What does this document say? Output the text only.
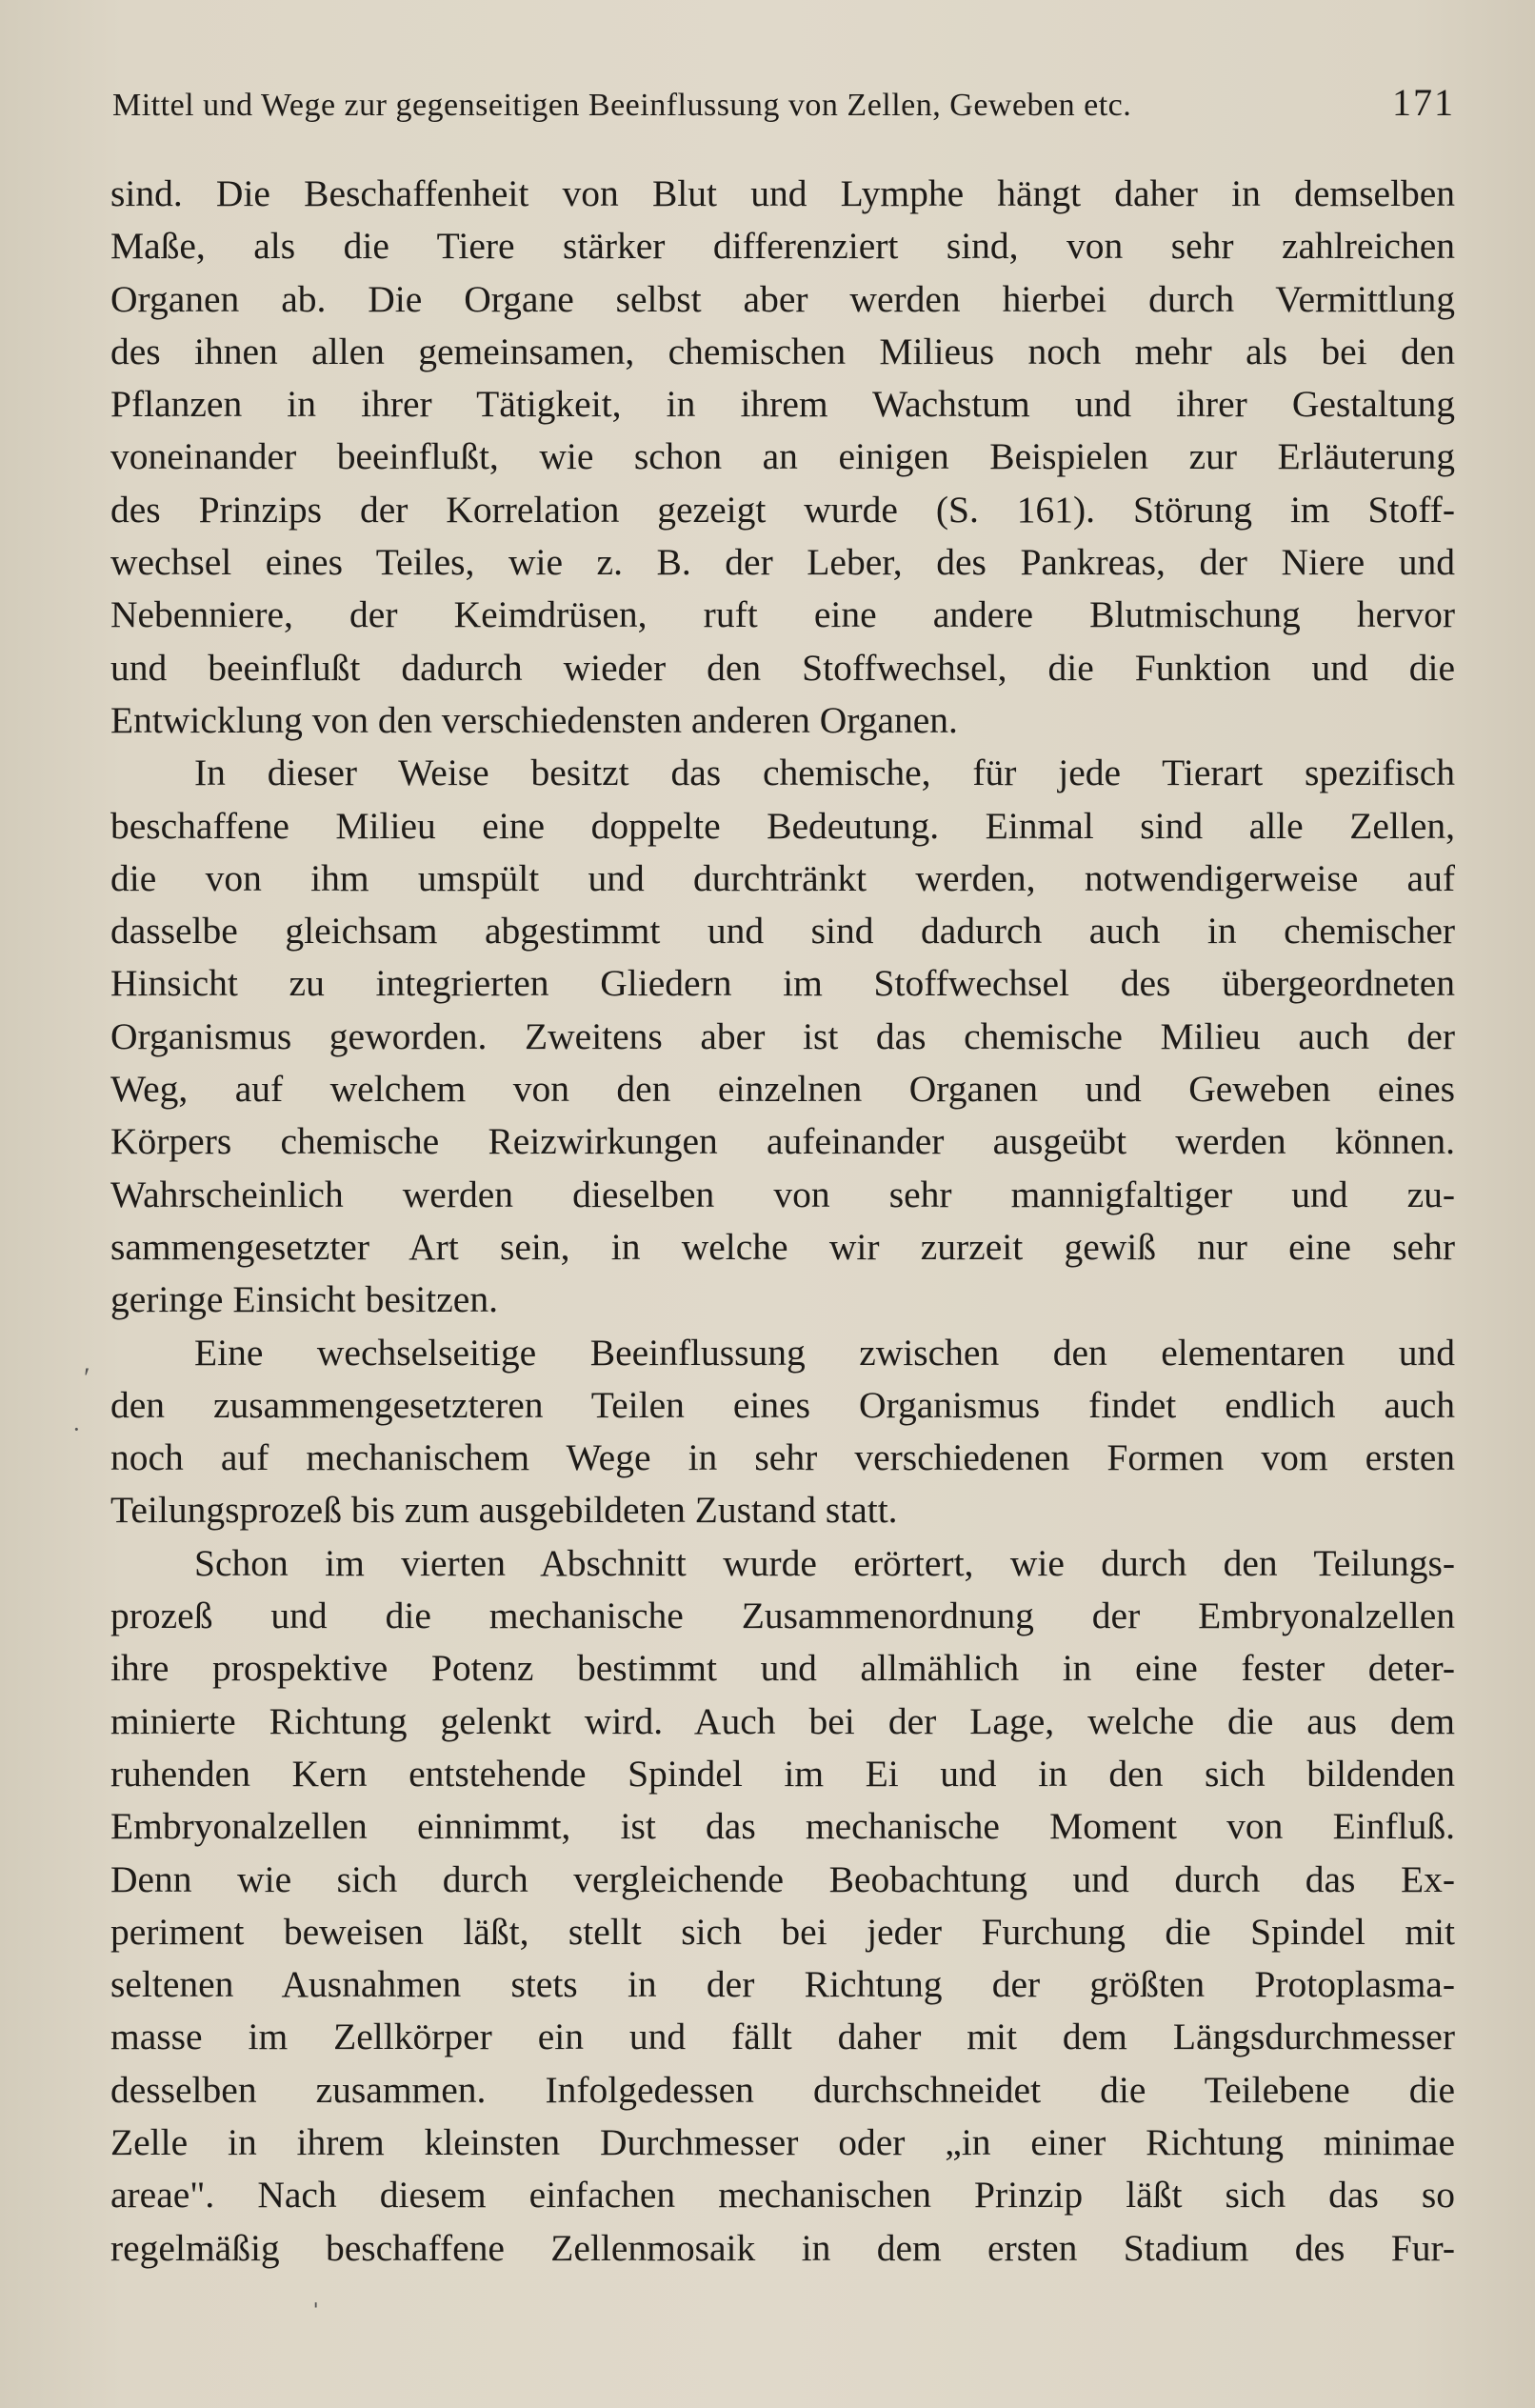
Mittel und Wege zur gegenseitigen Beeinflussung von Zellen, Geweben etc.	171
sind. Die Beschaffenheit von Blut und Lymphe hängt daher in demselben
Maße, als die Tiere stärker differenziert sind, von sehr zahlreichen
Organen ab. Die Organe selbst aber werden hierbei durch Vermittlung
des ihnen allen gemeinsamen, chemischen Milieus noch mehr als bei den
Pflanzen in ihrer Tätigkeit, in ihrem Wachstum und ihrer Gestaltung
voneinander beeinflußt, wie schon an einigen Beispielen zur Erläuterung
des Prinzips der Korrelation gezeigt wurde (S. 161). Störung im Stoff-
wechsel eines Teiles, wie z. B. der Leber, des Pankreas, der Niere und
Nebenniere, der Keimdrüsen, ruft eine andere Blutmischung hervor
und beeinflußt dadurch wieder den Stoffwechsel, die Funktion und die
Entwicklung von den verschiedensten anderen Organen.
In dieser Weise besitzt das chemische, für jede Tierart spezifisch
beschaffene Milieu eine doppelte Bedeutung. Einmal sind alle Zellen,
die von ihm umspült und durchtränkt werden, notwendigerweise auf
dasselbe gleichsam abgestimmt und sind dadurch auch in chemischer
Hinsicht zu integrierten Gliedern im Stoffwechsel des übergeordneten
Organismus geworden. Zweitens aber ist das chemische Milieu auch der
Weg, auf welchem von den einzelnen Organen und Geweben eines
Körpers chemische Reizwirkungen aufeinander ausgeübt werden können.
Wahrscheinlich werden dieselben von sehr mannigfaltiger und zu-
sammengesetzter Art sein, in welche wir zurzeit gewiß nur eine sehr
geringe Einsicht besitzen.
Eine wechselseitige Beeinflussung zwischen den elementaren und
den zusammengesetzteren Teilen eines Organismus findet endlich auch
noch auf mechanischem Wege in sehr verschiedenen Formen vom ersten
Teilungsprozeß bis zum ausgebildeten Zustand statt.
Schon im vierten Abschnitt wurde erörtert, wie durch den Teilungs-
prozeß und die mechanische Zusammenordnung der Embryonalzellen
ihre prospektive Potenz bestimmt und allmählich in eine fester deter-
minierte Richtung gelenkt wird. Auch bei der Lage, welche die aus dem
ruhenden Kern entstehende Spindel im Ei und in den sich bildenden
Embryonalzellen einnimmt, ist das mechanische Moment von Einfluß.
Denn wie sich durch vergleichende Beobachtung und durch das Ex-
periment beweisen läßt, stellt sich bei jeder Furchung die Spindel mit
seltenen Ausnahmen stets in der Richtung der größten Protoplasma-
masse im Zellkörper ein und fällt daher mit dem Längsdurchmesser
desselben zusammen. Infolgedessen durchschneidet die Teilebene die
Zelle in ihrem kleinsten Durchmesser oder „in einer Richtung minimae
areae". Nach diesem einfachen mechanischen Prinzip läßt sich das so
regelmäßig beschaffene Zellenmosaik in dem ersten Stadium des Fur-
′
·
ˈ
